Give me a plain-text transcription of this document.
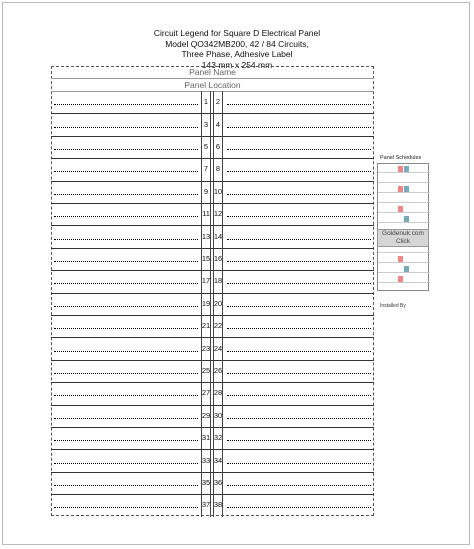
Circuit Legend for Square D Electrical Panel
Model QO342MB200, 42 / 84 Circuits,
Three Phase, Adhesive Label
143 mm x 254 mm
Panel Name
Panel Location
1	2
3	4
5	6
7	8
9 10
11 12
13 14
15 16
17 18
19 20
21 22
23 24
25 26
27 28
29 30
31 32
33 34
35 36
37 38
Panel Schedules
Installed By
Goldenuk.com
Click
